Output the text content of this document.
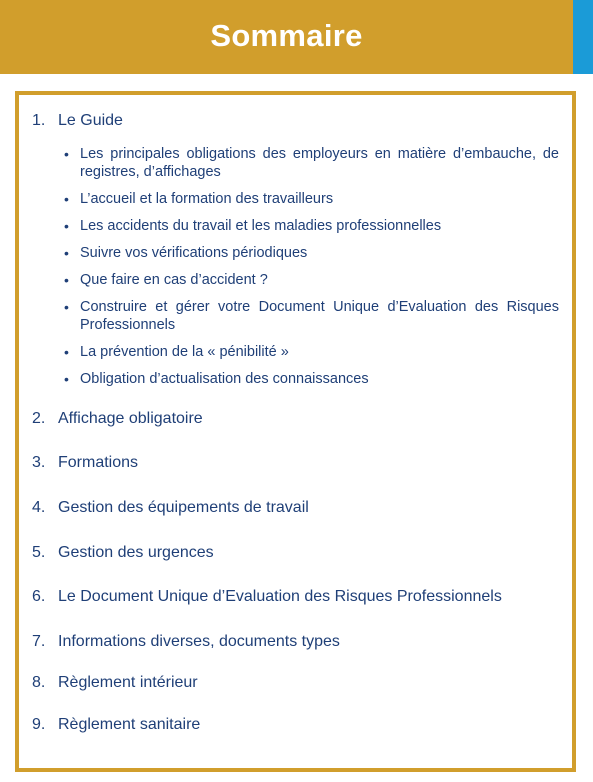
Sommaire
1. Le Guide
• Les principales obligations des employeurs en matière d’embauche, de registres, d’affichages
• L’accueil et la formation des travailleurs
• Les accidents du travail et les maladies professionnelles
• Suivre vos vérifications périodiques
• Que faire en cas d’accident ?
• Construire et gérer votre Document Unique d’Evaluation des Risques Professionnels
• La prévention de la « pénibilité »
• Obligation d’actualisation des connaissances
2. Affichage obligatoire
3. Formations
4. Gestion des équipements de travail
5. Gestion des urgences
6. Le Document Unique d’Evaluation des Risques Professionnels
7. Informations diverses, documents types
8. Règlement intérieur
9. Règlement sanitaire
